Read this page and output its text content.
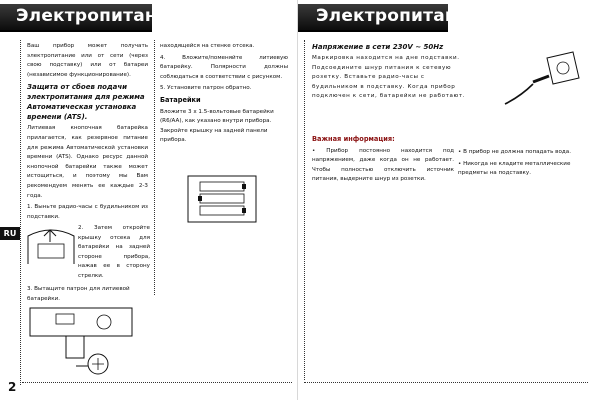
Электропитание
RU

Ваш прибор может получать электропитание или от сети (через свою подставку) или от батареи (независимое функционирование).

Защита от сбоев подачи электропитания для режима Автоматическая установка времени (ATS).

Литиевая кнопочная батарейка прилагается, как резервное питание для режима Автоматической установки времени (ATS). Однако ресурс данной кнопочной батарейки также может истощиться, и поэтому мы Вам рекомендуем менять ее каждые 2-3 года.

1. Выньте радио-часы с будильником из подставки.

2. Затем откройте крышку отсека для батарейки на задней стороне прибора, нажав ее в сторону стрелки.

3. Вытащите патрон для литиевой батарейки.

находящейся на стенке отсека.

4. Вложите/поменяйте литиевую батарейку. Полярности должны соблюдаться в соответствии с рисунком.

5. Установите патрон обратно.

Батарейки

Вложите 3 x 1.5-вольтовые батарейки (R6/AA), как указано внутри прибора. Закройте крышку на задней панели прибора.

2
Электропитание

Напряжение в сети 230V ~ 50Hz

Маркировка находится на дне подставки. Подсоедините шнур питания к сетевую розетку. Вставьте радио-часы с будильником в подставку. Когда прибор подключен к сети, батарейки не работают.

Важная информация:

• Прибор постоянно находится под напряжением, даже когда он не работает. Чтобы полностью отключить источник питания, выдерните шнур из розетки.

• В прибор не должна попадать вода.

• Никогда не кладите металлические предметы на подставку.
